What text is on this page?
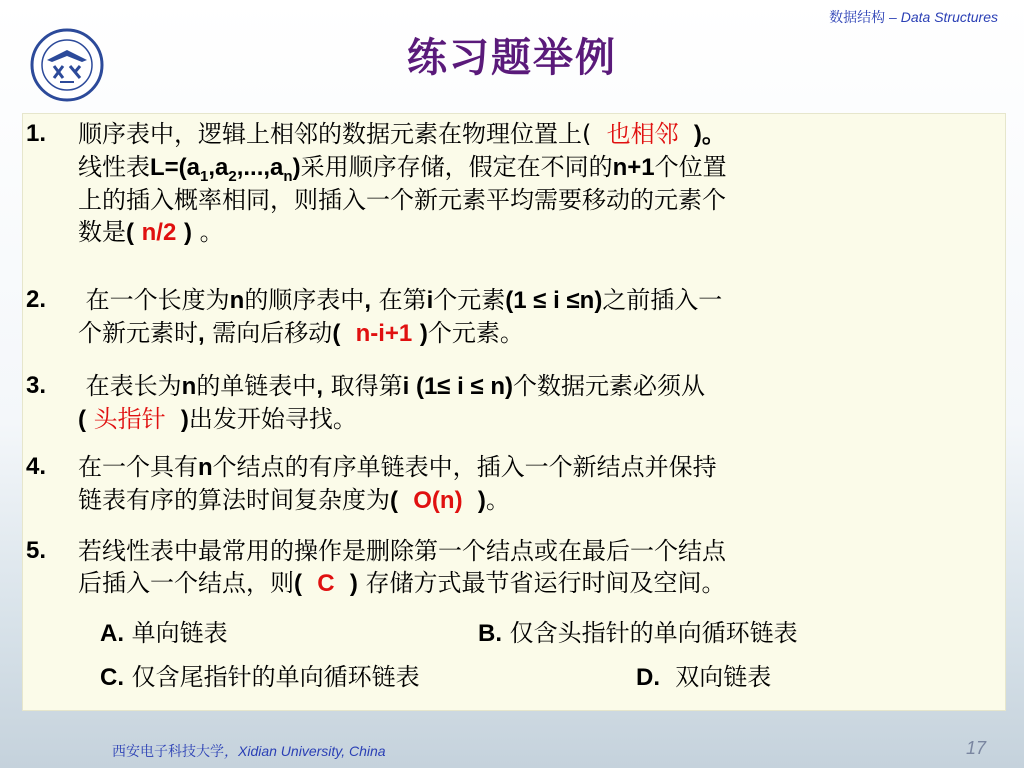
数据结构 – Data Structures
练习题举例
1. 顺序表中，逻辑上相邻的数据元素在物理位置上( 也相邻 )。
线性表$L=(a_1,a_2,...,a_n)$采用顺序存储，假定在不同的n+1个位置
上的插入概率相同，则插入一个新元素平均需要移动的元素个
数是( n/2 ) 。
2.	在一个长度为n的顺序表中, 在第i个元素(1 ≤ i ≤n)之前插入一
个新元素时, 需向后移动( n-i+1 )个元素。
3.	在表长为n的单链表中, 取得第i (1≤ i ≤ n)个数据元素必须从
( 头指针 )出发开始寻找。
4. 在一个具有n个结点的有序单链表中，插入一个新结点并保持
链表有序的算法时间复杂度为( O(n) )。
5. 若线性表中最常用的操作是删除第一个结点或在最后一个结点
后插入一个结点，则( C ) 存储方式最节省运行时间及空间。
A. 单向链表	B. 仅含头指针的单向循环链表
C. 仅含尾指针的单向循环链表	D.  双向链表
西安电子科技大学，Xidian University, China	17
